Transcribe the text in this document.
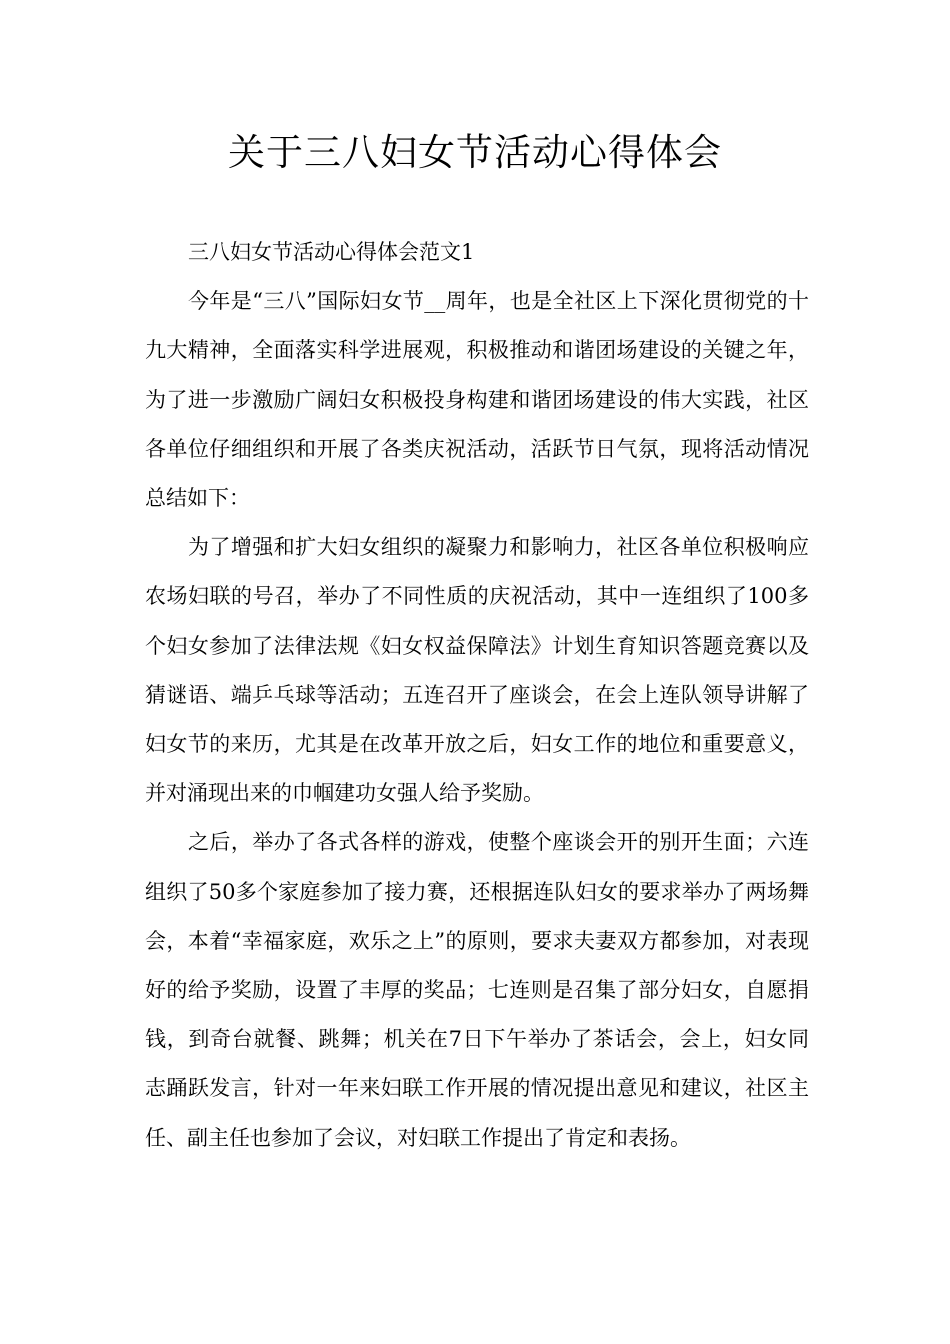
关于三八妇女节活动心得体会

三八妇女节活动心得体会范文1

今年是“三八”国际妇女节__周年，也是全社区上下深化贯彻党的十九大精神，全面落实科学进展观，积极推动和谐团场建设的关键之年，为了进一步激励广阔妇女积极投身构建和谐团场建设的伟大实践，社区各单位仔细组织和开展了各类庆祝活动，活跃节日气氛，现将活动情况总结如下：

为了增强和扩大妇女组织的凝聚力和影响力，社区各单位积极响应农场妇联的号召，举办了不同性质的庆祝活动，其中一连组织了100多个妇女参加了法律法规《妇女权益保障法》计划生育知识答题竞赛以及猜谜语、端乒乓球等活动；五连召开了座谈会，在会上连队领导讲解了妇女节的来历，尤其是在改革开放之后，妇女工作的地位和重要意义，并对涌现出来的巾帼建功女强人给予奖励。

之后，举办了各式各样的游戏，使整个座谈会开的别开生面；六连组织了50多个家庭参加了接力赛，还根据连队妇女的要求举办了两场舞会，本着“幸福家庭，欢乐之上”的原则，要求夫妻双方都参加，对表现好的给予奖励，设置了丰厚的奖品；七连则是召集了部分妇女，自愿捐钱，到奇台就餐、跳舞；机关在7日下午举办了茶话会，会上，妇女同志踊跃发言，针对一年来妇联工作开展的情况提出意见和建议，社区主任、副主任也参加了会议，对妇联工作提出了肯定和表扬。
